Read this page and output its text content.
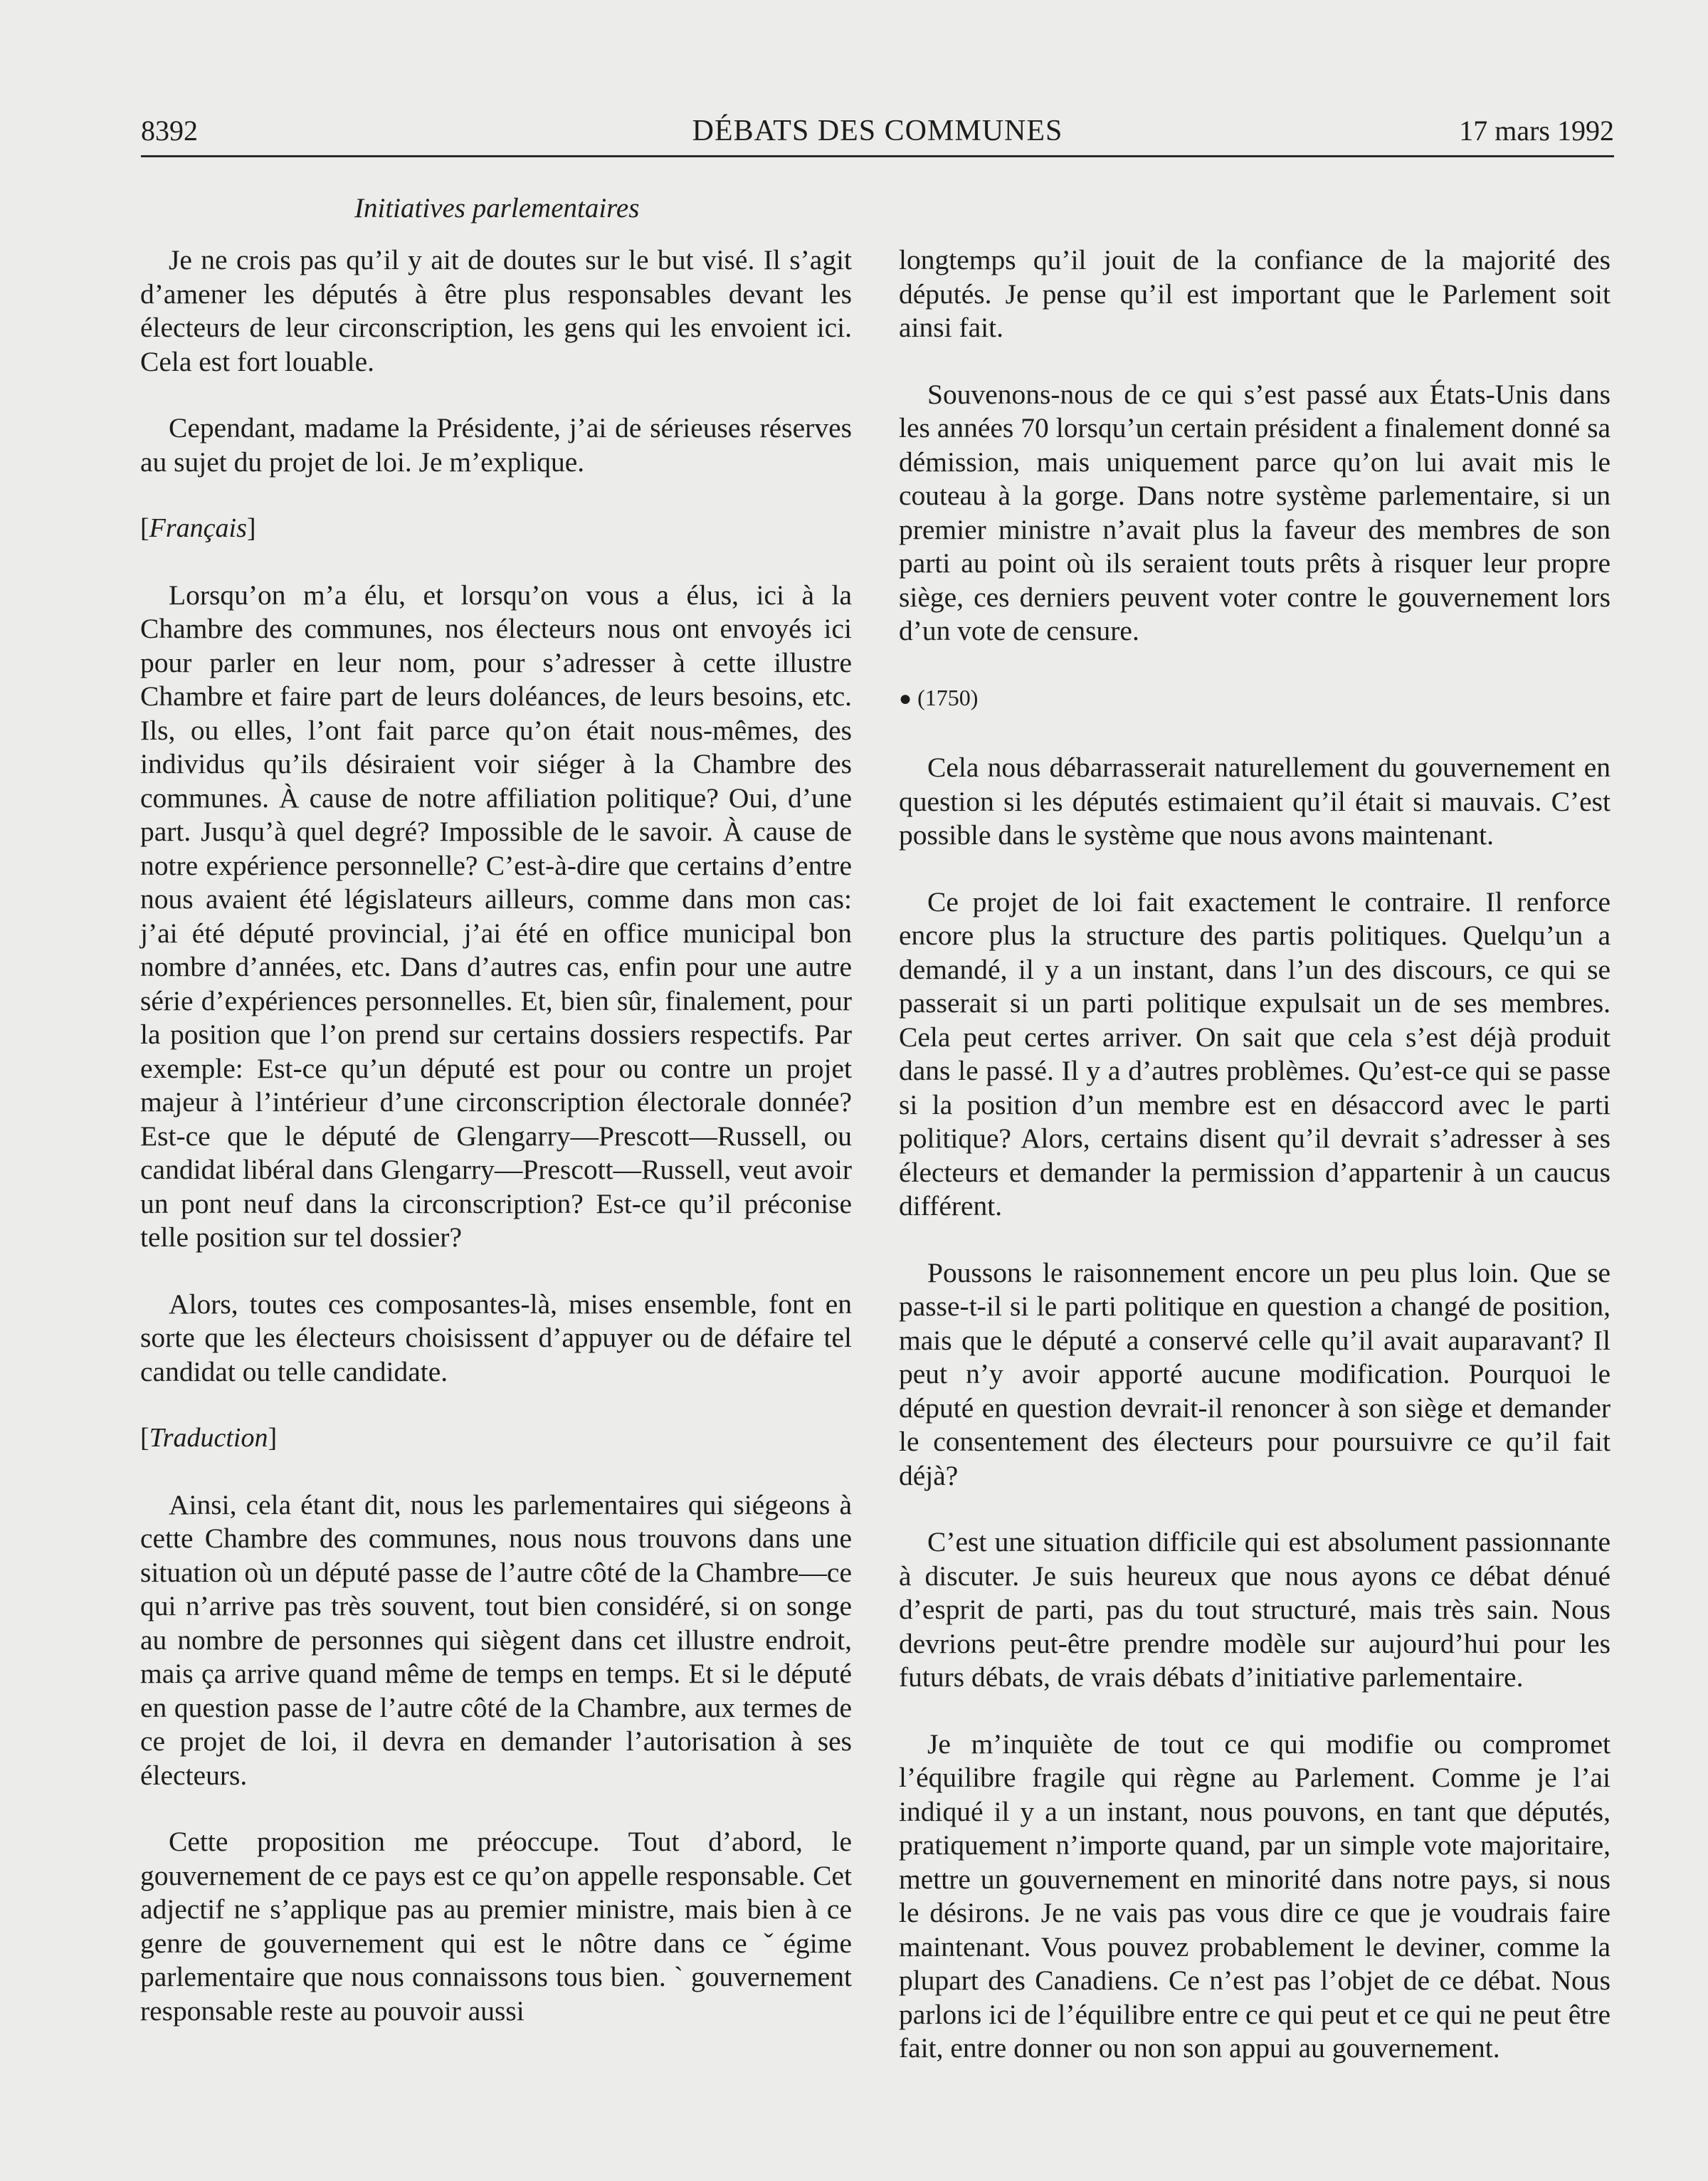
8392	DÉBATS DES COMMUNES	17 mars 1992
Initiatives parlementaires

Je ne crois pas qu’il y ait de doutes sur le but visé. Il s’agit d’amener les députés à être plus responsables devant les électeurs de leur circonscription, les gens qui les envoient ici. Cela est fort louable.

Cependant, madame la Présidente, j’ai de sérieuses réserves au sujet du projet de loi. Je m’explique.

[Français]

Lorsqu’on m’a élu, et lorsqu’on vous a élus, ici à la Chambre des communes, nos électeurs nous ont envoyés ici pour parler en leur nom, pour s’adresser à cette illustre Chambre et faire part de leurs doléances, de leurs besoins, etc. Ils, ou elles, l’ont fait parce qu’on était nous-mêmes, des individus qu’ils désiraient voir siéger à la Chambre des communes. À cause de notre affiliation politique? Oui, d’une part. Jusqu’à quel degré? Impossible de le savoir. À cause de notre expérience personnelle? C’est-à-dire que certains d’entre nous avaient été législateurs ailleurs, comme dans mon cas: j’ai été député provincial, j’ai été en office municipal bon nombre d’années, etc. Dans d’autres cas, enfin pour une autre série d’expériences personnelles. Et, bien sûr, finalement, pour la position que l’on prend sur certains dossiers respectifs. Par exemple: Est-ce qu’un député est pour ou contre un projet majeur à l’intérieur d’une circonscription électorale donnée? Est-ce que le député de Glengarry—Prescott—Russell, ou candidat libéral dans Glengarry—Prescott—Russell, veut avoir un pont neuf dans la circonscription? Est-ce qu’il préconise telle position sur tel dossier?

Alors, toutes ces composantes-là, mises ensemble, font en sorte que les électeurs choisissent d’appuyer ou de défaire tel candidat ou telle candidate.

[Traduction]

Ainsi, cela étant dit, nous les parlementaires qui siégeons à cette Chambre des communes, nous nous trouvons dans une situation où un député passe de l’autre côté de la Chambre—ce qui n’arrive pas très souvent, tout bien considéré, si on songe au nombre de personnes qui siègent dans cet illustre endroit, mais ça arrive quand même de temps en temps. Et si le député en question passe de l’autre côté de la Chambre, aux termes de ce projet de loi, il devra en demander l’autorisation à ses électeurs.

Cette proposition me préoccupe. Tout d’abord, le gouvernement de ce pays est ce qu’on appelle responsable. Cet adjectif ne s’applique pas au premier ministre, mais bien à ce genre de gouvernement qui est le nôtre dans ce ˇégime parlementaire que nous connaissons tous bien. ` gouvernement responsable reste au pouvoir aussi

longtemps qu’il jouit de la confiance de la majorité des députés. Je pense qu’il est important que le Parlement soit ainsi fait.

Souvenons-nous de ce qui s’est passé aux États-Unis dans les années 70 lorsqu’un certain président a finalement donné sa démission, mais uniquement parce qu’on lui avait mis le couteau à la gorge. Dans notre système parlementaire, si un premier ministre n’avait plus la faveur des membres de son parti au point où ils seraient touts prêts à risquer leur propre siège, ces derniers peuvent voter contre le gouvernement lors d’un vote de censure.

● (1750)

Cela nous débarrasserait naturellement du gouvernement en question si les députés estimaient qu’il était si mauvais. C’est possible dans le système que nous avons maintenant.

Ce projet de loi fait exactement le contraire. Il renforce encore plus la structure des partis politiques. Quelqu’un a demandé, il y a un instant, dans l’un des discours, ce qui se passerait si un parti politique expulsait un de ses membres. Cela peut certes arriver. On sait que cela s’est déjà produit dans le passé. Il y a d’autres problèmes. Qu’est-ce qui se passe si la position d’un membre est en désaccord avec le parti politique? Alors, certains disent qu’il devrait s’adresser à ses électeurs et demander la permission d’appartenir à un caucus différent.

Poussons le raisonnement encore un peu plus loin. Que se passe-t-il si le parti politique en question a changé de position, mais que le député a conservé celle qu’il avait auparavant? Il peut n’y avoir apporté aucune modification. Pourquoi le député en question devrait-il renoncer à son siège et demander le consentement des électeurs pour poursuivre ce qu’il fait déjà?

C’est une situation difficile qui est absolument passionnante à discuter. Je suis heureux que nous ayons ce débat dénué d’esprit de parti, pas du tout structuré, mais très sain. Nous devrions peut-être prendre modèle sur aujourd’hui pour les futurs débats, de vrais débats d’initiative parlementaire.

Je m’inquiète de tout ce qui modifie ou compromet l’équilibre fragile qui règne au Parlement. Comme je l’ai indiqué il y a un instant, nous pouvons, en tant que députés, pratiquement n’importe quand, par un simple vote majoritaire, mettre un gouvernement en minorité dans notre pays, si nous le désirons. Je ne vais pas vous dire ce que je voudrais faire maintenant. Vous pouvez probablement le deviner, comme la plupart des Canadiens. Ce n’est pas l’objet de ce débat. Nous parlons ici de l’équilibre entre ce qui peut et ce qui ne peut être fait, entre donner ou non son appui au gouvernement.
